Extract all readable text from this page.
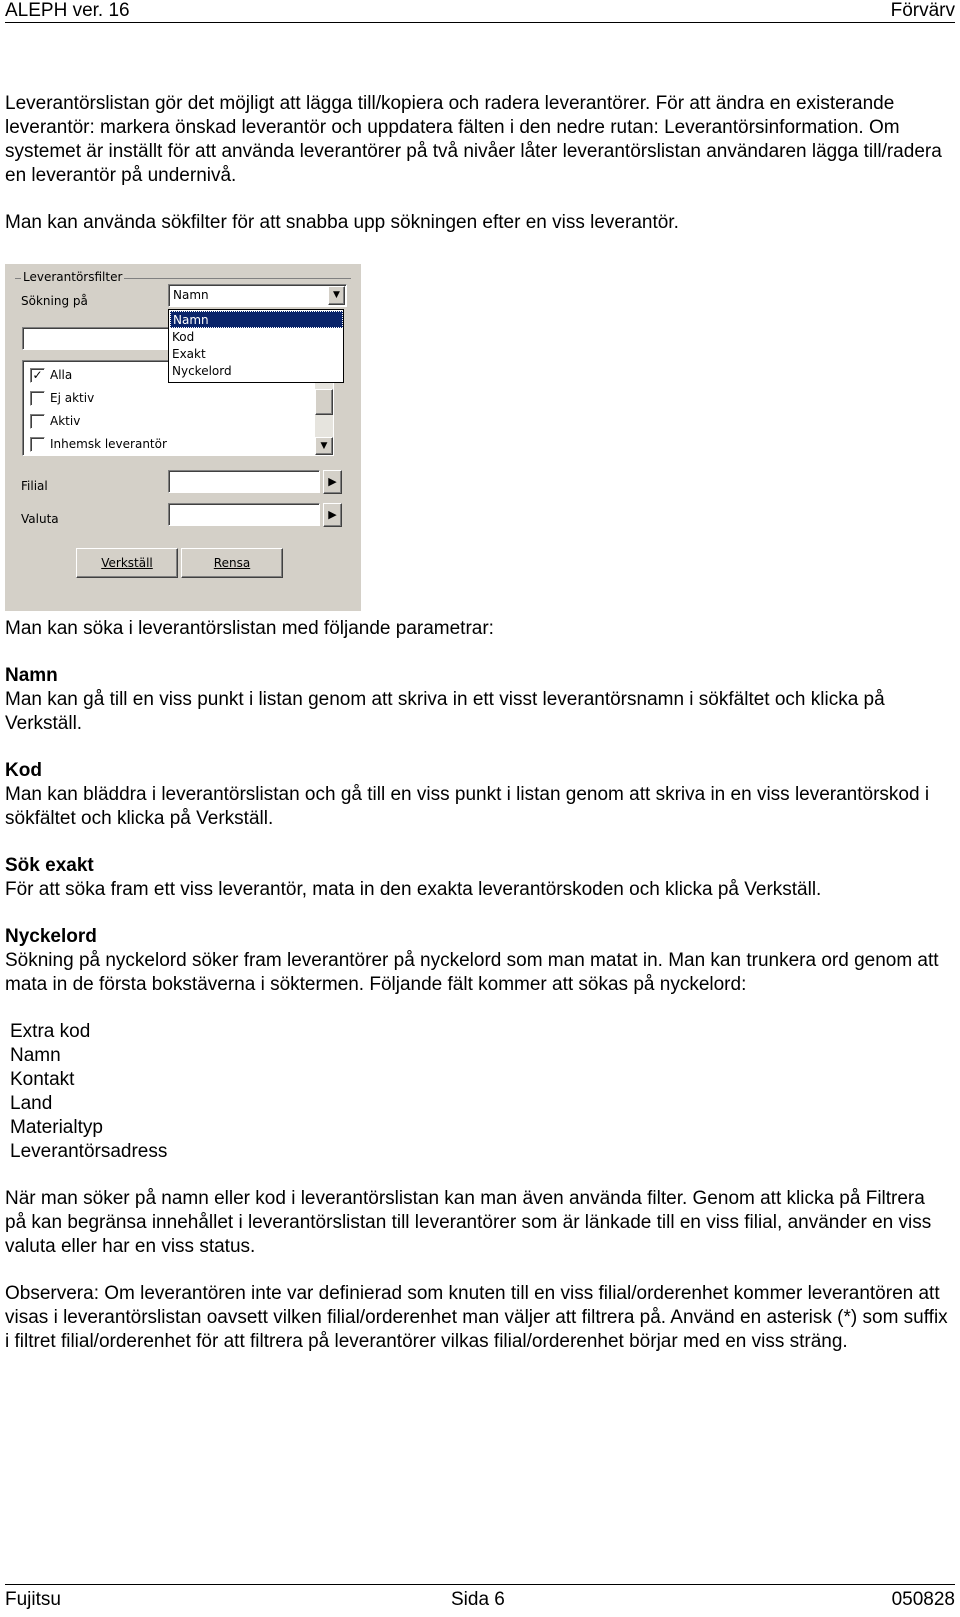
ALEPH ver. 16	Förvärv

Leverantörslistan gör det möjligt att lägga till/kopiera och radera leverantörer. För att ändra en existerande leverantör: markera önskad leverantör och uppdatera fälten i den nedre rutan: Leverantörsinformation. Om systemet är inställt för att använda leverantörer på två nivåer låter leverantörslistan användaren lägga till/radera en leverantör på undernivå.

Man kan använda sökfilter för att snabba upp sökningen efter en viss leverantör.

Leverantörsfilter
Sökning på	Namn	▼
✓ Alla
Ej aktiv
Aktiv
Inhemsk leverantör	▼
Namn
Kod
Exakt
Nyckelord
Filial	▶
Valuta	▶
Verkställ	Rensa

Man kan söka i leverantörslistan med följande parametrar:

Namn

Man kan gå till en viss punkt i listan genom att skriva in ett visst leverantörsnamn i sökfältet och klicka på Verkställ.

Kod

Man kan bläddra i leverantörslistan och gå till en viss punkt i listan genom att skriva in en viss leverantörskod i sökfältet och klicka på Verkställ.

Sök exakt

För att söka fram ett viss leverantör, mata in den exakta leverantörskoden och klicka på Verkställ.

Nyckelord

Sökning på nyckelord söker fram leverantörer på nyckelord som man matat in. Man kan trunkera ord genom att mata in de första bokstäverna i söktermen. Följande fält kommer att sökas på nyckelord:

Extra kod
Namn
Kontakt
Land
Materialtyp
Leverantörsadress

När man söker på namn eller kod i leverantörslistan kan man även använda filter. Genom att klicka på Filtrera på kan begränsa innehållet i leverantörslistan till leverantörer som är länkade till en viss filial, använder en viss valuta eller har en viss status.

Observera: Om leverantören inte var definierad som knuten till en viss filial/orderenhet kommer leverantören att visas i leverantörslistan oavsett vilken filial/orderenhet man väljer att filtrera på. Använd en asterisk (*) som suffix i filtret filial/orderenhet för att filtrera på leverantörer vilkas filial/orderenhet börjar med en viss sträng.

Fujitsu	Sida 6	050828
